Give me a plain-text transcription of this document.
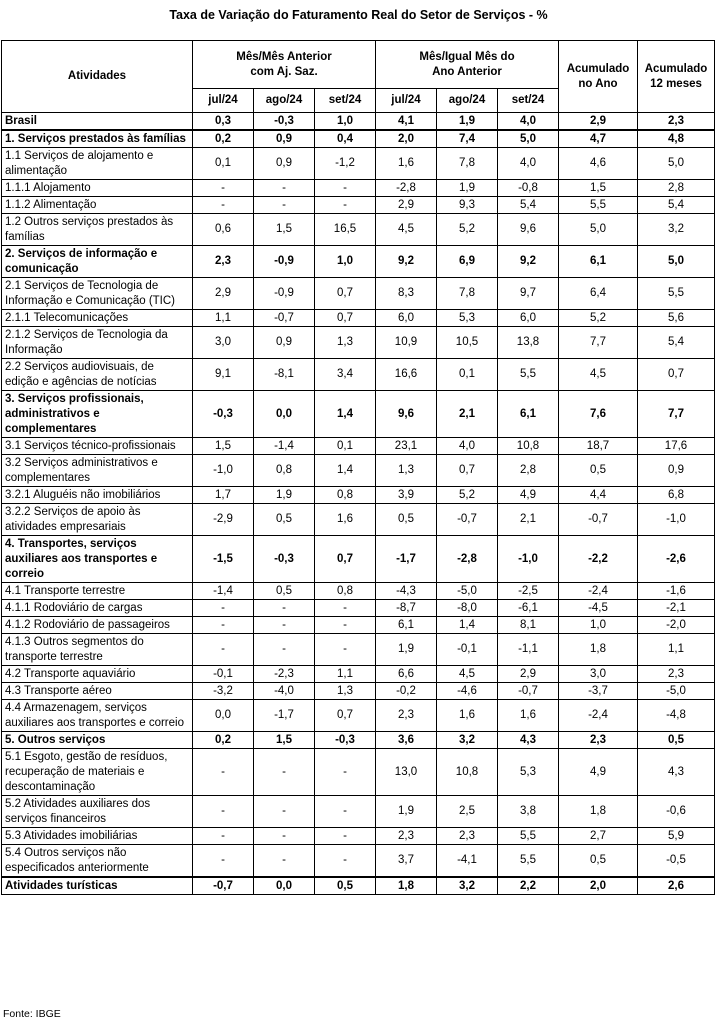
Taxa de Variação do Faturamento Real do Setor de Serviços - %
Atividades	Mês/Mês Anterior com Aj. Saz.			Mês/Igual Mês do Ano Anterior			Acumulado no Ano	Acumulado 12 meses
	jul/24	ago/24	set/24	jul/24	ago/24	set/24		
Brasil	0,3	-0,3	1,0	4,1	1,9	4,0	2,9	2,3
1. Serviços prestados às famílias	0,2	0,9	0,4	2,0	7,4	5,0	4,7	4,8
1.1 Serviços de alojamento e alimentação	0,1	0,9	-1,2	1,6	7,8	4,0	4,6	5,0
1.1.1 Alojamento	-	-	-	-2,8	1,9	-0,8	1,5	2,8
1.1.2 Alimentação	-	-	-	2,9	9,3	5,4	5,5	5,4
1.2 Outros serviços prestados às famílias	0,6	1,5	16,5	4,5	5,2	9,6	5,0	3,2
2. Serviços de informação e comunicação	2,3	-0,9	1,0	9,2	6,9	9,2	6,1	5,0
2.1 Serviços de Tecnologia de Informação e Comunicação (TIC)	2,9	-0,9	0,7	8,3	7,8	9,7	6,4	5,5
2.1.1 Telecomunicações	1,1	-0,7	0,7	6,0	5,3	6,0	5,2	5,6
2.1.2 Serviços de Tecnologia da Informação	3,0	0,9	1,3	10,9	10,5	13,8	7,7	5,4
2.2 Serviços audiovisuais, de edição e agências de notícias	9,1	-8,1	3,4	16,6	0,1	5,5	4,5	0,7
3. Serviços profissionais, administrativos e complementares	-0,3	0,0	1,4	9,6	2,1	6,1	7,6	7,7
3.1 Serviços técnico-profissionais	1,5	-1,4	0,1	23,1	4,0	10,8	18,7	17,6
3.2 Serviços administrativos e complementares	-1,0	0,8	1,4	1,3	0,7	2,8	0,5	0,9
3.2.1 Aluguéis não imobiliários	1,7	1,9	0,8	3,9	5,2	4,9	4,4	6,8
3.2.2 Serviços de apoio às atividades empresariais	-2,9	0,5	1,6	0,5	-0,7	2,1	-0,7	-1,0
4. Transportes, serviços auxiliares aos transportes e correio	-1,5	-0,3	0,7	-1,7	-2,8	-1,0	-2,2	-2,6
4.1 Transporte terrestre	-1,4	0,5	0,8	-4,3	-5,0	-2,5	-2,4	-1,6
4.1.1 Rodoviário de cargas	-	-	-	-8,7	-8,0	-6,1	-4,5	-2,1
4.1.2 Rodoviário de passageiros	-	-	-	6,1	1,4	8,1	1,0	-2,0
4.1.3 Outros segmentos do transporte terrestre	-	-	-	1,9	-0,1	-1,1	1,8	1,1
4.2 Transporte aquaviário	-0,1	-2,3	1,1	6,6	4,5	2,9	3,0	2,3
4.3 Transporte aéreo	-3,2	-4,0	1,3	-0,2	-4,6	-0,7	-3,7	-5,0
4.4 Armazenagem, serviços auxiliares aos transportes e correio	0,0	-1,7	0,7	2,3	1,6	1,6	-2,4	-4,8
5. Outros serviços	0,2	1,5	-0,3	3,6	3,2	4,3	2,3	0,5
5.1 Esgoto, gestão de resíduos, recuperação de materiais e descontaminação	-	-	-	13,0	10,8	5,3	4,9	4,3
5.2 Atividades auxiliares dos serviços financeiros	-	-	-	1,9	2,5	3,8	1,8	-0,6
5.3 Atividades imobiliárias	-	-	-	2,3	2,3	5,5	2,7	5,9
5.4 Outros serviços não especificados anteriormente	-	-	-	3,7	-4,1	5,5	0,5	-0,5
Atividades turísticas	-0,7	0,0	0,5	1,8	3,2	2,2	2,0	2,6
Fonte: IBGE
